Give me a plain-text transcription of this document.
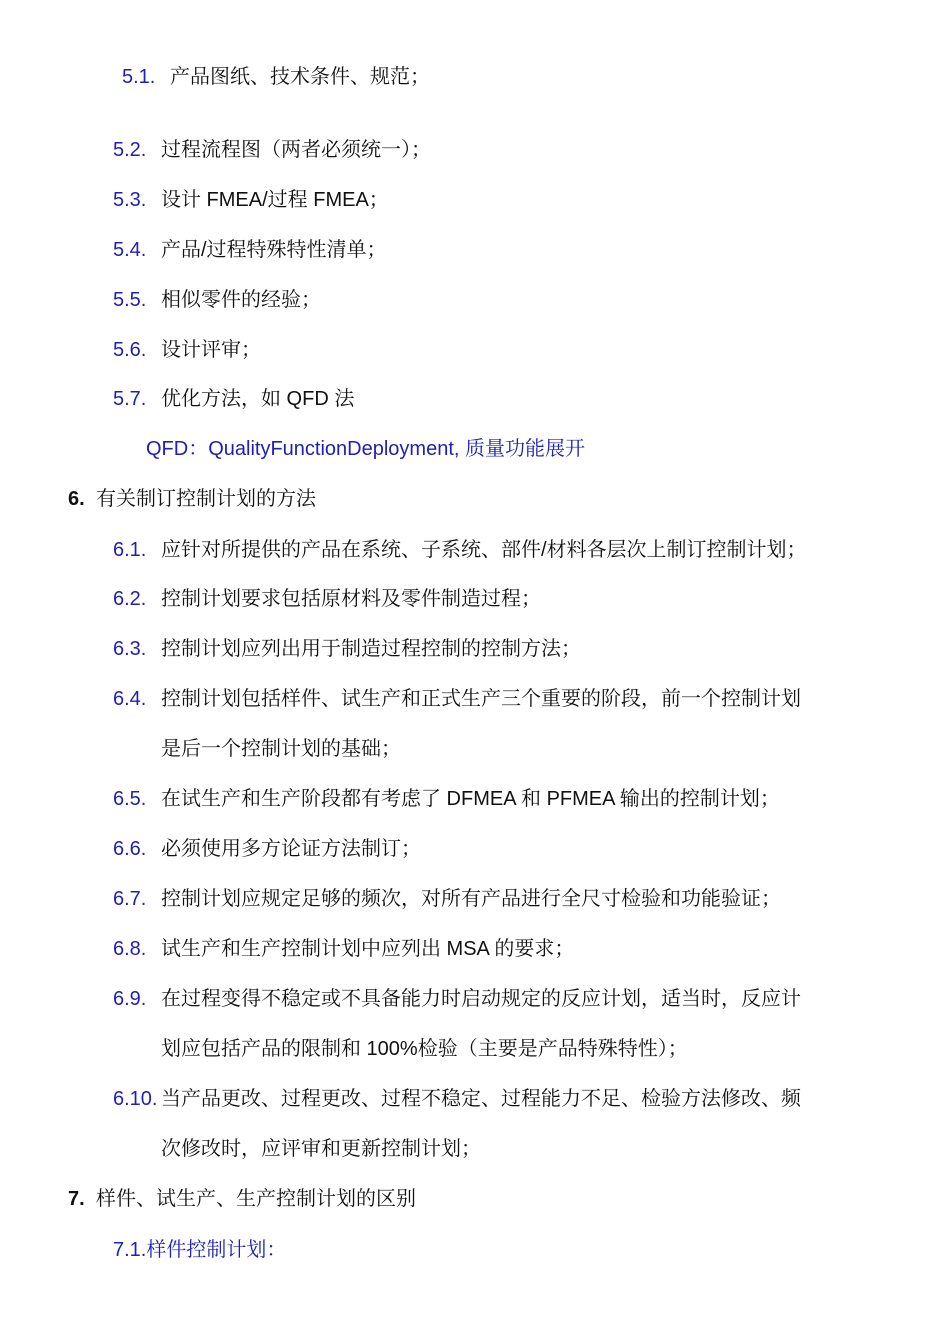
5.1. 产品图纸、技术条件、规范；
5.2. 过程流程图（两者必须统一）；
5.3. 设计 FMEA/过程 FMEA；
5.4. 产品/过程特殊特性清单；
5.5. 相似零件的经验；
5.6. 设计评审；
5.7. 优化方法，如 QFD 法
QFD：QualityFunctionDeployment, 质量功能展开
6. 有关制订控制计划的方法
6.1. 应针对所提供的产品在系统、子系统、部件/材料各层次上制订控制计划；
6.2. 控制计划要求包括原材料及零件制造过程；
6.3. 控制计划应列出用于制造过程控制的控制方法；
6.4. 控制计划包括样件、试生产和正式生产三个重要的阶段，前一个控制计划
是后一个控制计划的基础；
6.5. 在试生产和生产阶段都有考虑了 DFMEA 和 PFMEA 输出的控制计划；
6.6. 必须使用多方论证方法制订；
6.7. 控制计划应规定足够的频次，对所有产品进行全尺寸检验和功能验证；
6.8. 试生产和生产控制计划中应列出 MSA 的要求；
6.9. 在过程变得不稳定或不具备能力时启动规定的反应计划，适当时，反应计
划应包括产品的限制和 100%检验（主要是产品特殊特性）；
6.10. 当产品更改、过程更改、过程不稳定、过程能力不足、检验方法修改、频
次修改时，应评审和更新控制计划；
7. 样件、试生产、生产控制计划的区别
7.1.样件控制计划：
